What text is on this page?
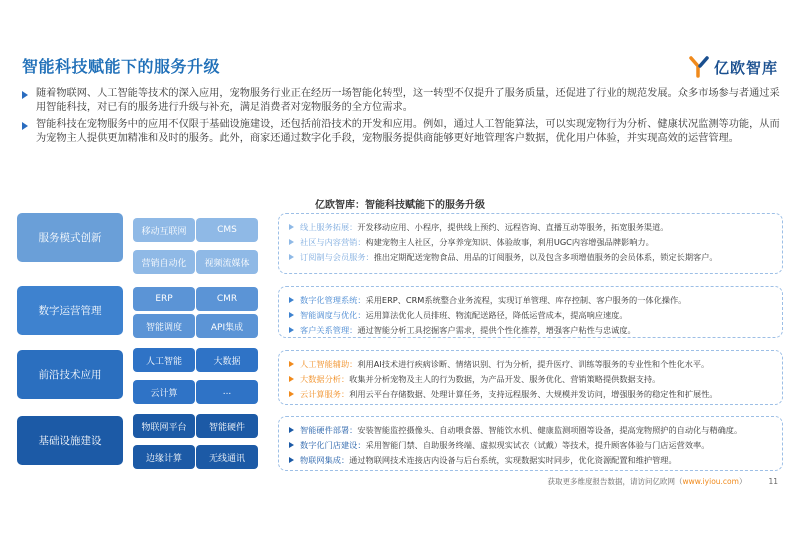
智能科技赋能下的服务升级	亿欧智库

随着物联网、人工智能等技术的深入应用，宠物服务行业正在经历一场智能化转型，这一转型不仅提升了服务质量，还促进了行业的规范发展。众多市场参与者通过采用智能科技，对已有的服务进行升级与补充，满足消费者对宠物服务的全方位需求。

智能科技在宠物服务中的应用不仅限于基础设施建设，还包括前沿技术的开发和应用。例如，通过人工智能算法，可以实现宠物行为分析、健康状况监测等功能，从而为宠物主人提供更加精准和及时的服务。此外，商家还通过数字化手段，宠物服务提供商能够更好地管理客户数据，优化用户体验，并实现高效的运营管理。

亿欧智库：智能科技赋能下的服务升级
服务模式创新
移动互联网	CMS
营销自动化	视频流媒体
线上服务拓展：开发移动应用、小程序，提供线上预约、远程咨询、直播互动等服务，拓宽服务渠道。
社区与内容营销：构建宠物主人社区，分享养宠知识、体验故事，利用UGC内容增强品牌影响力。
订阅制与会员服务：推出定期配送宠物食品、用品的订阅服务，以及包含多项增值服务的会员体系，锁定长期客户。
数字运营管理
ERP	CMR
智能调度	API集成
数字化管理系统：采用ERP、CRM系统整合业务流程，实现订单管理、库存控制、客户服务的一体化操作。
智能调度与优化：运用算法优化人员排班、物流配送路径，降低运营成本，提高响应速度。
客户关系管理：通过智能分析工具挖掘客户需求，提供个性化推荐，增强客户粘性与忠诚度。
前沿技术应用
人工智能	大数据
云计算	...
人工智能辅助：利用AI技术进行疾病诊断、情绪识别、行为分析，提升医疗、训练等服务的专业性和个性化水平。
大数据分析：收集并分析宠物及主人的行为数据，为产品开发、服务优化、营销策略提供数据支持。
云计算服务：利用云平台存储数据、处理计算任务，支持远程服务、大规模并发访问，增强服务的稳定性和扩展性。
基础设施建设
物联网平台	智能硬件
边缘计算	无线通讯
智能硬件部署：安装智能监控摄像头、自动喂食器、智能饮水机、健康监测项圈等设备，提高宠物照护的自动化与精确度。
数字化门店建设：采用智能门禁、自助服务终端、虚拟现实试衣（试戴）等技术，提升顾客体验与门店运营效率。
物联网集成：通过物联网技术连接店内设备与后台系统，实现数据实时同步，优化资源配置和维护管理。
获取更多维度报告数据，请访问亿欧网（www.iyiou.com）	11
